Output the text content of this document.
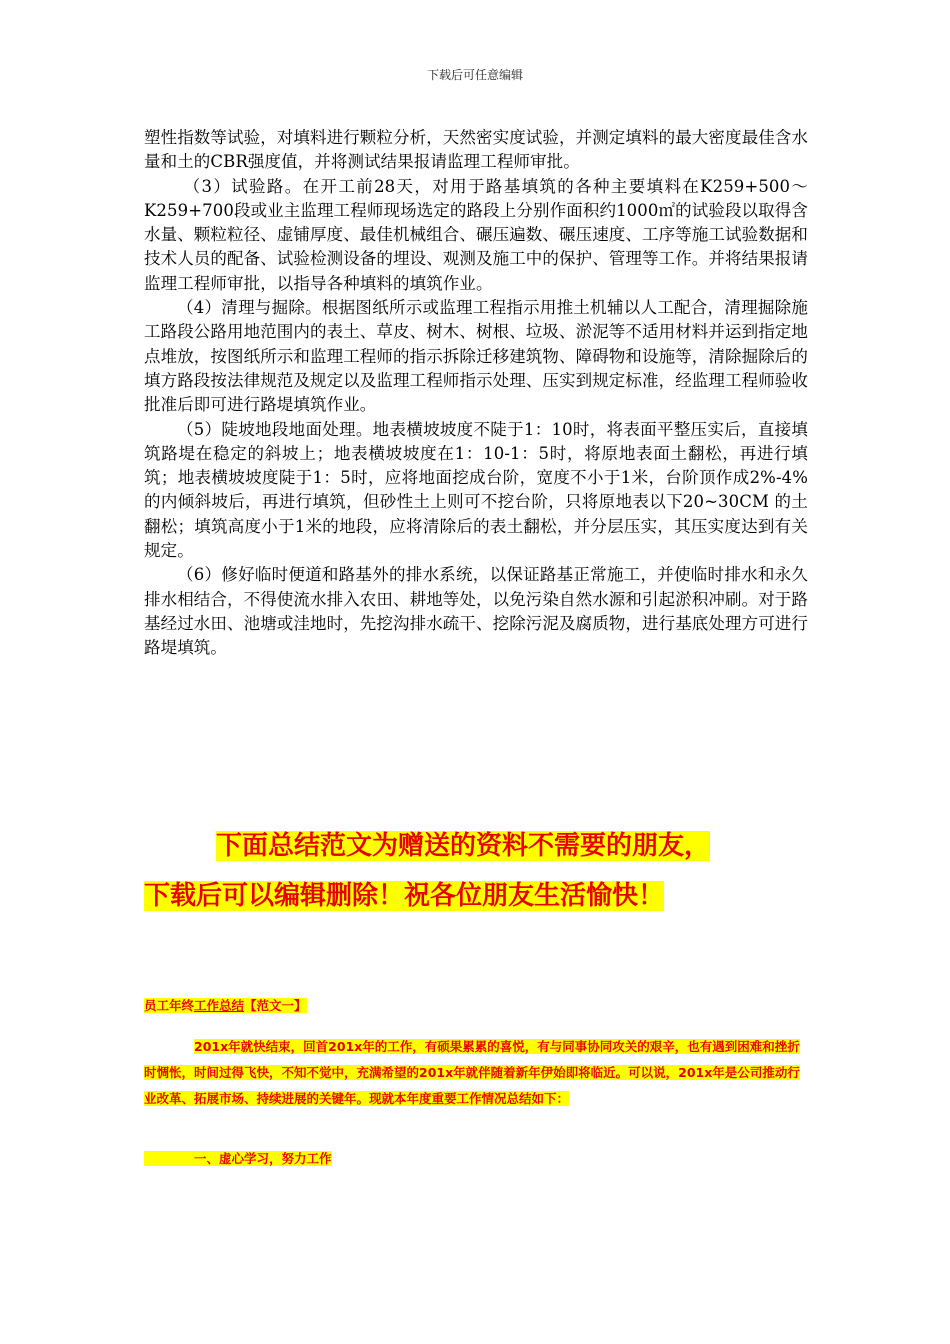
下载后可任意编辑

塑性指数等试验，对填料进行颗粒分析，天然密实度试验，并测定填料的最大密度最佳含水量和土的CBR强度值，并将测试结果报请监理工程师审批。

（3）试验路。在开工前28天，对用于路基填筑的各种主要填料在K259+500～K259+700段或业主监理工程师现场选定的路段上分别作面积约1000㎡的试验段以取得含水量、颗粒粒径、虚铺厚度、最佳机械组合、碾压遍数、碾压速度、工序等施工试验数据和技术人员的配备、试验检测设备的埋设、观测及施工中的保护、管理等工作。并将结果报请监理工程师审批，以指导各种填料的填筑作业。

（4）清理与掘除。根据图纸所示或监理工程指示用推土机辅以人工配合，清理掘除施工路段公路用地范围内的表土、草皮、树木、树根、垃圾、淤泥等不适用材料并运到指定地点堆放，按图纸所示和监理工程师的指示拆除迁移建筑物、障碍物和设施等，清除掘除后的填方路段按法律规范及规定以及监理工程师指示处理、压实到规定标准，经监理工程师验收批准后即可进行路堤填筑作业。

（5）陡坡地段地面处理。地表横坡坡度不陡于1：10时，将表面平整压实后，直接填筑路堤在稳定的斜坡上；地表横坡坡度在1：10-1：5时，将原地表面土翻松，再进行填筑；地表横坡坡度陡于1：5时，应将地面挖成台阶，宽度不小于1米，台阶顶作成2%-4%的内倾斜坡后，再进行填筑，但砂性土上则可不挖台阶，只将原地表以下20~30CM 的土翻松；填筑高度小于1米的地段，应将清除后的表土翻松，并分层压实，其压实度达到有关规定。

（6）修好临时便道和路基外的排水系统，以保证路基正常施工，并使临时排水和永久排水相结合，不得使流水排入农田、耕地等处，以免污染自然水源和引起淤积冲刷。对于路基经过水田、池塘或洼地时，先挖沟排水疏干、挖除污泥及腐质物，进行基底处理方可进行路堤填筑。

下面总结范文为赠送的资料不需要的朋友，
下载后可以编辑删除！祝各位朋友生活愉快！
员工年终工作总结【范文一】
201x年就快结束，回首201x年的工作，有硕果累累的喜悦，有与同事协同攻关的艰辛，也有遇到困难和挫折时惆怅，时间过得飞快，不知不觉中，充满希望的201x年就伴随着新年伊始即将临近。可以说，201x年是公司推动行业改革、拓展市场、持续进展的关键年。现就本年度重要工作情况总结如下：
　　　　一、虚心学习，努力工作
